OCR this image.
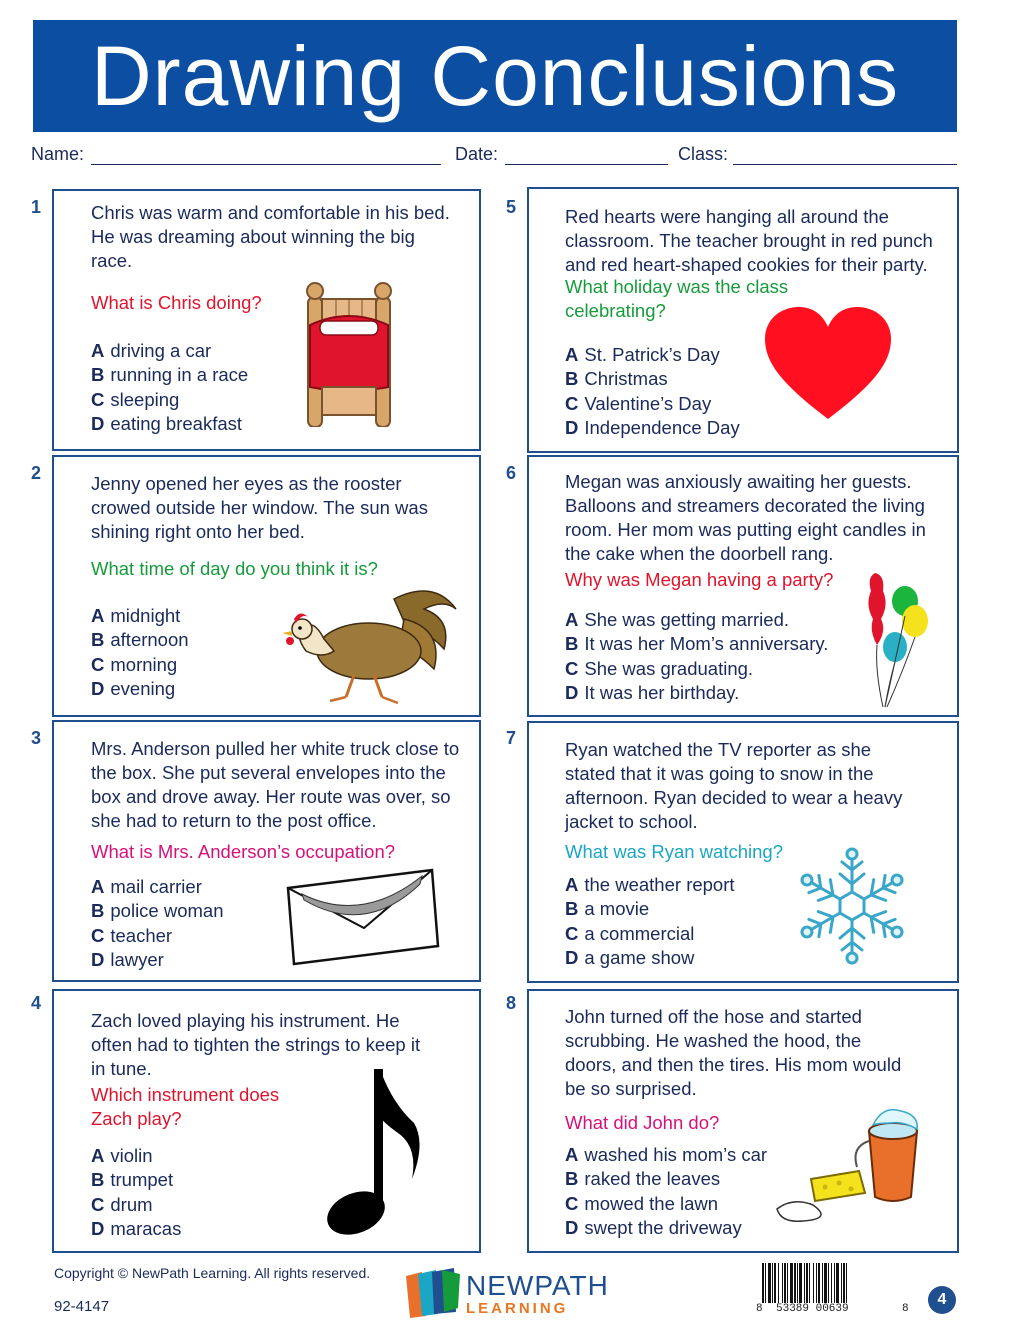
Drawing Conclusions
Name:	Date:	Class:
1
2
3
4
5
6
7
8

Chris was warm and comfortable in his bed. He was dreaming about winning the big race.

What is Chris doing?

A driving a car
B running in a race
C sleeping
D eating breakfast

Jenny opened her eyes as the rooster crowed outside her window. The sun was shining right onto her bed.

What time of day do you think it is?

A midnight
B afternoon
C morning
D evening

Mrs. Anderson pulled her white truck close to the box. She put several envelopes into the box and drove away. Her route was over, so she had to return to the post office.

What is Mrs. Anderson’s occupation?

A mail carrier
B police woman
C teacher
D lawyer

Zach loved playing his instrument. He often had to tighten the strings to keep it in tune.

Which instrument does Zach play?

A violin
B trumpet
C drum
D maracas

Red hearts were hanging all around the classroom. The teacher brought in red punch and red heart-shaped cookies for their party.

What holiday was the class celebrating?

A St. Patrick’s Day
B Christmas
C Valentine’s Day
D Independence Day

Megan was anxiously awaiting her guests. Balloons and streamers decorated the living room. Her mom was putting eight candles in the cake when the doorbell rang.

Why was Megan having a party?

A She was getting married.
B It was her Mom’s anniversary.
C She was graduating.
D It was her birthday.

Ryan watched the TV reporter as she stated that it was going to snow in the afternoon. Ryan decided to wear a heavy jacket to school.

What was Ryan watching?

A the weather report
B a movie
C a commercial
D a game show

John turned off the hose and started scrubbing. He washed the hood, the doors, and then the tires. His mom would be so surprised.

What did John do?

A washed his mom’s car
B raked the leaves
C mowed the lawn
D swept the driveway
Copyright © NewPath Learning. All rights reserved.
92-4147
NEWPATH
LEARNING	8 53389 00639	8
4
